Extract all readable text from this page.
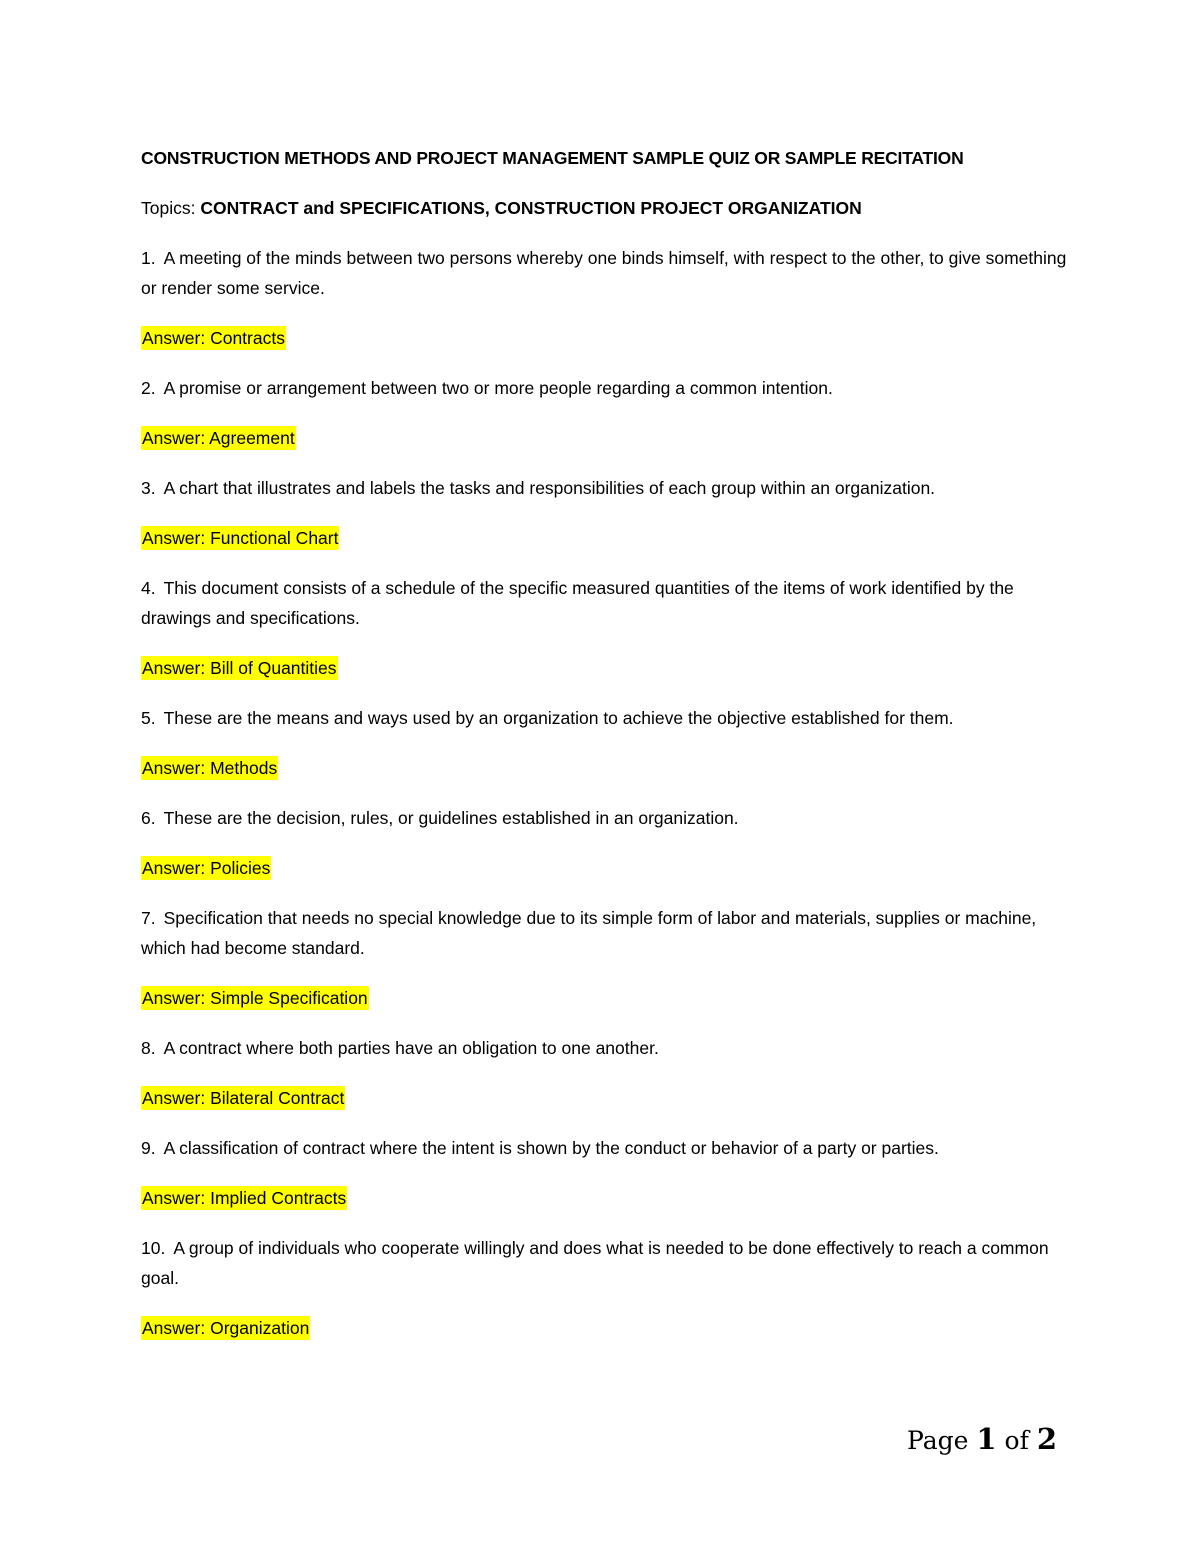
CONSTRUCTION METHODS AND PROJECT MANAGEMENT SAMPLE QUIZ OR SAMPLE RECITATION
Topics: CONTRACT and SPECIFICATIONS, CONSTRUCTION PROJECT ORGANIZATION
1. A meeting of the minds between two persons whereby one binds himself, with respect to the other, to give something or render some service.
Answer: Contracts
2. A promise or arrangement between two or more people regarding a common intention.
Answer: Agreement
3. A chart that illustrates and labels the tasks and responsibilities of each group within an organization.
Answer: Functional Chart
4. This document consists of a schedule of the specific measured quantities of the items of work identified by the drawings and specifications.
Answer: Bill of Quantities
5. These are the means and ways used by an organization to achieve the objective established for them.
Answer: Methods
6. These are the decision, rules, or guidelines established in an organization.
Answer: Policies
7. Specification that needs no special knowledge due to its simple form of labor and materials, supplies or machine, which had become standard.
Answer: Simple Specification
8. A contract where both parties have an obligation to one another.
Answer: Bilateral Contract
9. A classification of contract where the intent is shown by the conduct or behavior of a party or parties.
Answer: Implied Contracts
10. A group of individuals who cooperate willingly and does what is needed to be done effectively to reach a common goal.
Answer: Organization
Page 1 of 2
